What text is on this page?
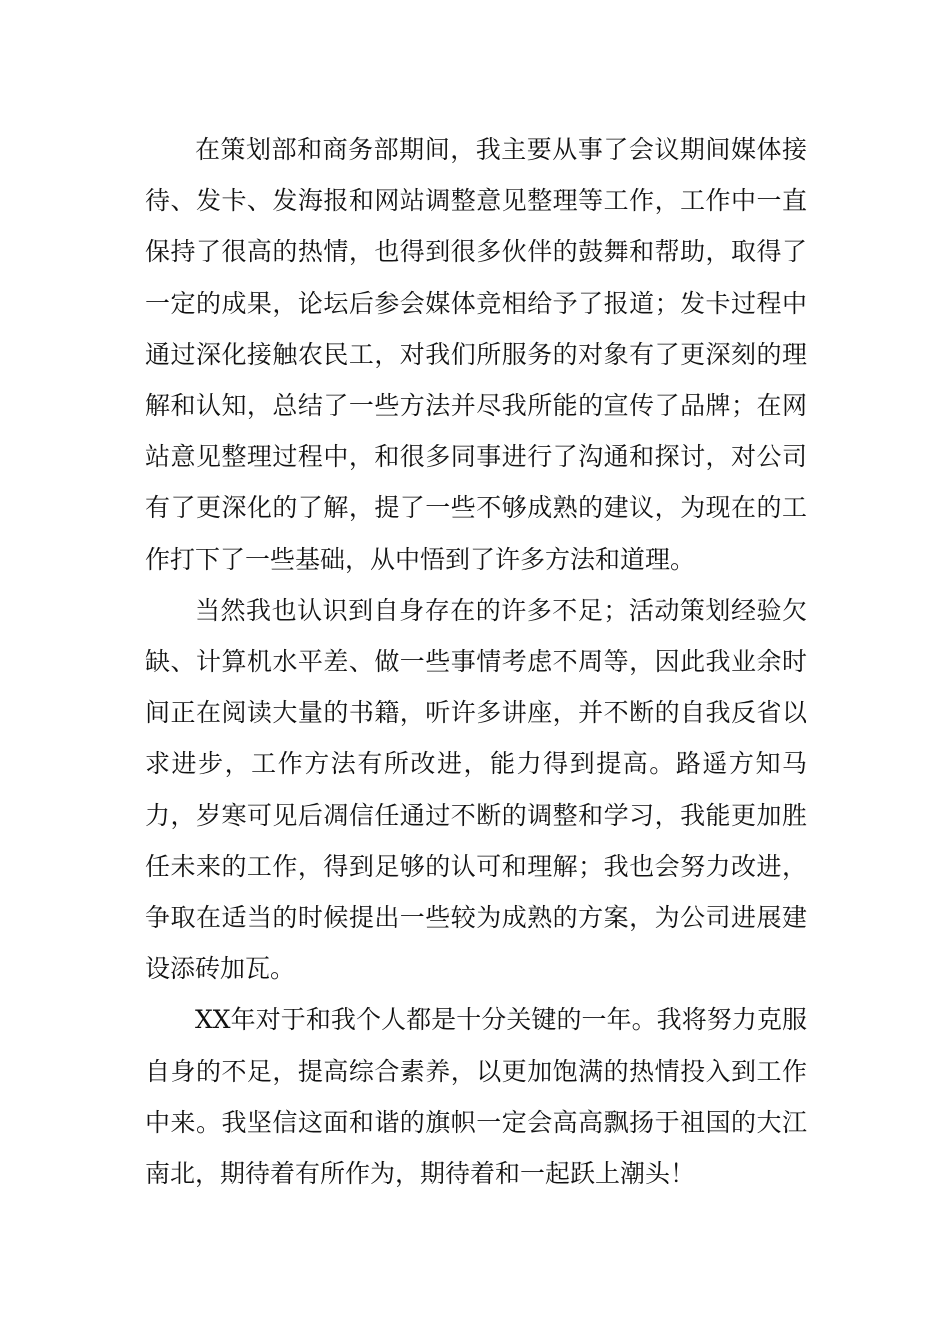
在策划部和商务部期间，我主要从事了会议期间媒体接待、发卡、发海报和网站调整意见整理等工作，工作中一直保持了很高的热情，也得到很多伙伴的鼓舞和帮助，取得了一定的成果，论坛后参会媒体竞相给予了报道；发卡过程中通过深化接触农民工，对我们所服务的对象有了更深刻的理解和认知，总结了一些方法并尽我所能的宣传了品牌；在网站意见整理过程中，和很多同事进行了沟通和探讨，对公司有了更深化的了解，提了一些不够成熟的建议，为现在的工作打下了一些基础，从中悟到了许多方法和道理。

当然我也认识到自身存在的许多不足；活动策划经验欠缺、计算机水平差、做一些事情考虑不周等，因此我业余时间正在阅读大量的书籍，听许多讲座，并不断的自我反省以求进步，工作方法有所改进，能力得到提高。路遥方知马力，岁寒可见后凋信任通过不断的调整和学习，我能更加胜任未来的工作，得到足够的认可和理解；我也会努力改进，争取在适当的时候提出一些较为成熟的方案，为公司进展建设添砖加瓦。

XX年对于和我个人都是十分关键的一年。我将努力克服自身的不足，提高综合素养，以更加饱满的热情投入到工作中来。我坚信这面和谐的旗帜一定会高高飘扬于祖国的大江南北，期待着有所作为，期待着和一起跃上潮头！
